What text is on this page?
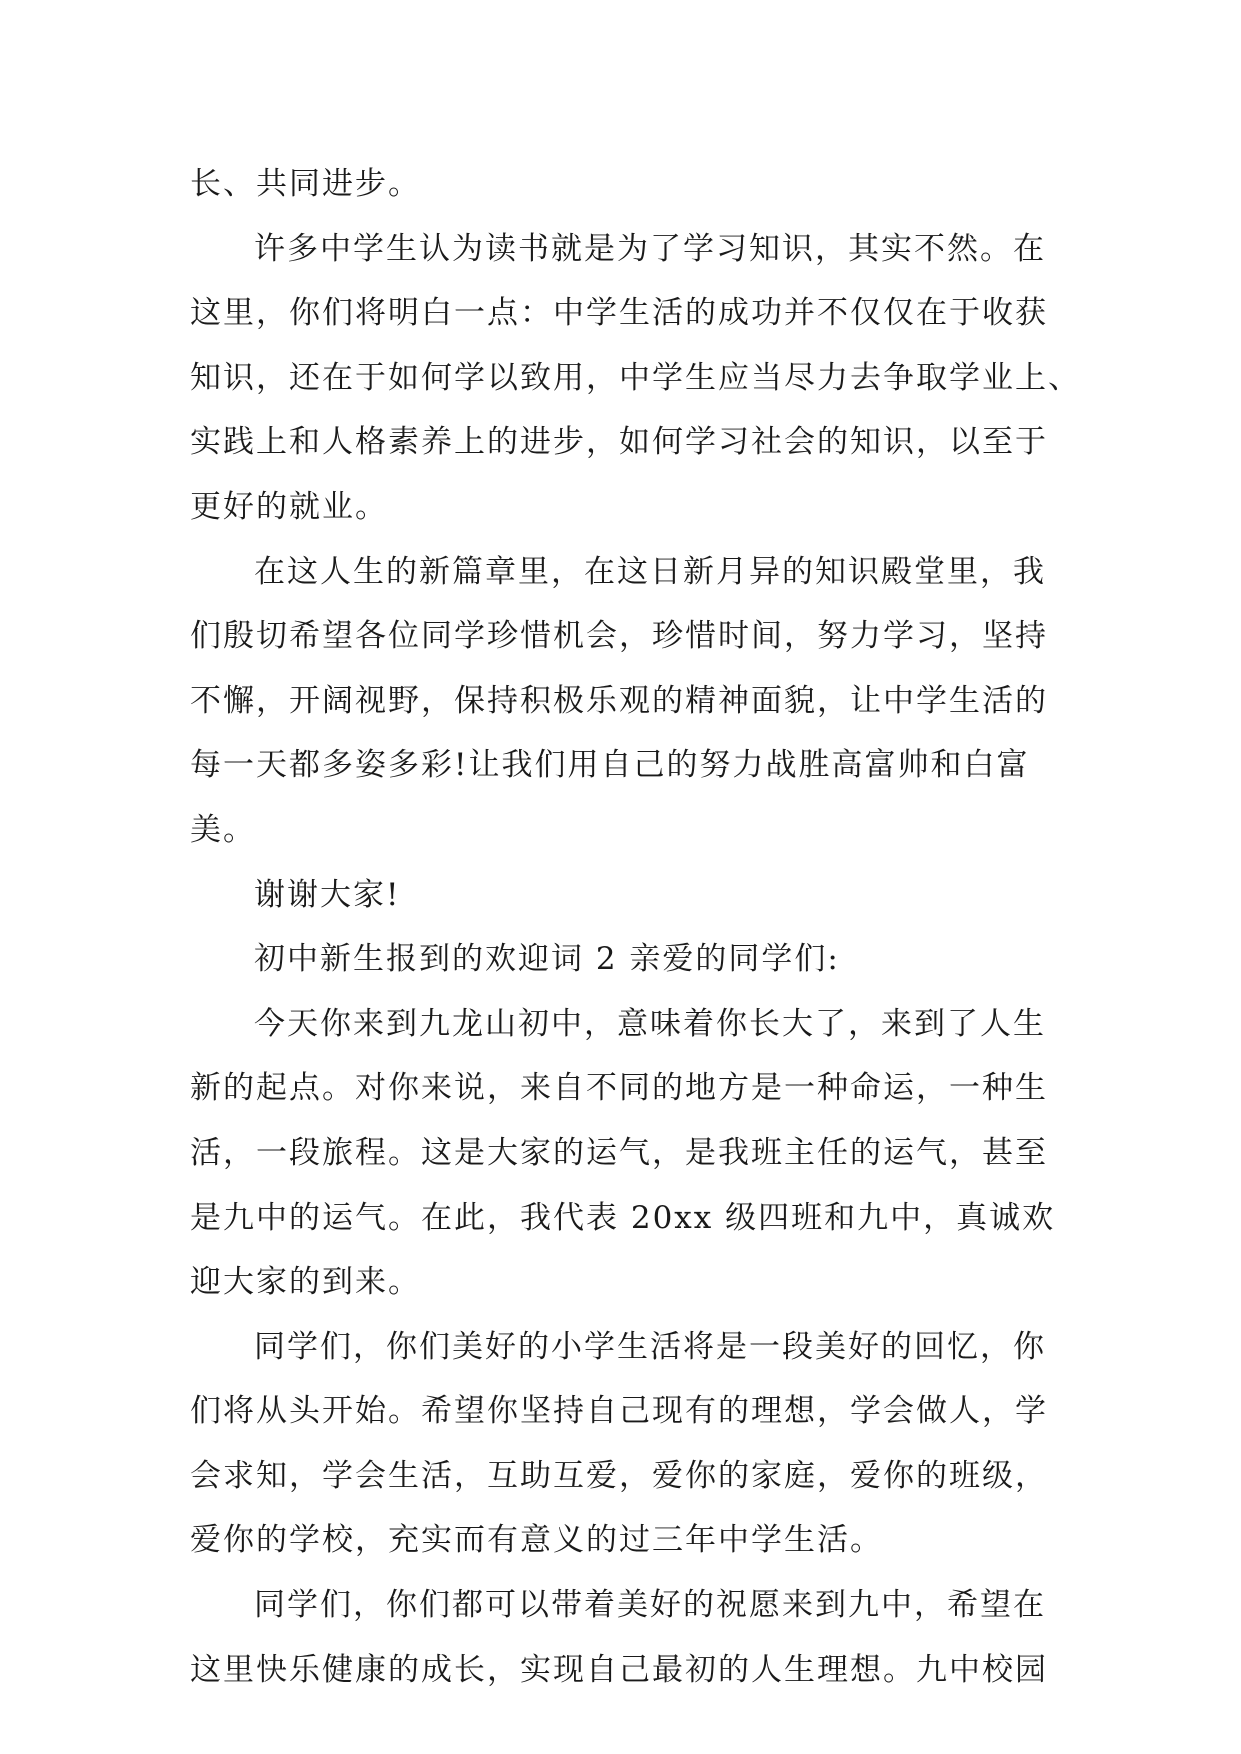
长、共同进步。
许多中学生认为读书就是为了学习知识，其实不然。在
这里，你们将明白一点：中学生活的成功并不仅仅在于收获
知识，还在于如何学以致用，中学生应当尽力去争取学业上、
实践上和人格素养上的进步，如何学习社会的知识，以至于
更好的就业。
在这人生的新篇章里，在这日新月异的知识殿堂里，我
们殷切希望各位同学珍惜机会，珍惜时间，努力学习，坚持
不懈，开阔视野，保持积极乐观的精神面貌，让中学生活的
每一天都多姿多彩!让我们用自己的努力战胜高富帅和白富
美。
谢谢大家!
初中新生报到的欢迎词 2 亲爱的同学们:
今天你来到九龙山初中，意味着你长大了，来到了人生
新的起点。对你来说，来自不同的地方是一种命运，一种生
活，一段旅程。这是大家的运气，是我班主任的运气，甚至
是九中的运气。在此，我代表 20xx 级四班和九中，真诚欢
迎大家的到来。
同学们，你们美好的小学生活将是一段美好的回忆，你
们将从头开始。希望你坚持自己现有的理想，学会做人，学
会求知，学会生活，互助互爱，爱你的家庭，爱你的班级，
爱你的学校，充实而有意义的过三年中学生活。
同学们，你们都可以带着美好的祝愿来到九中，希望在
这里快乐健康的成长，实现自己最初的人生理想。九中校园
